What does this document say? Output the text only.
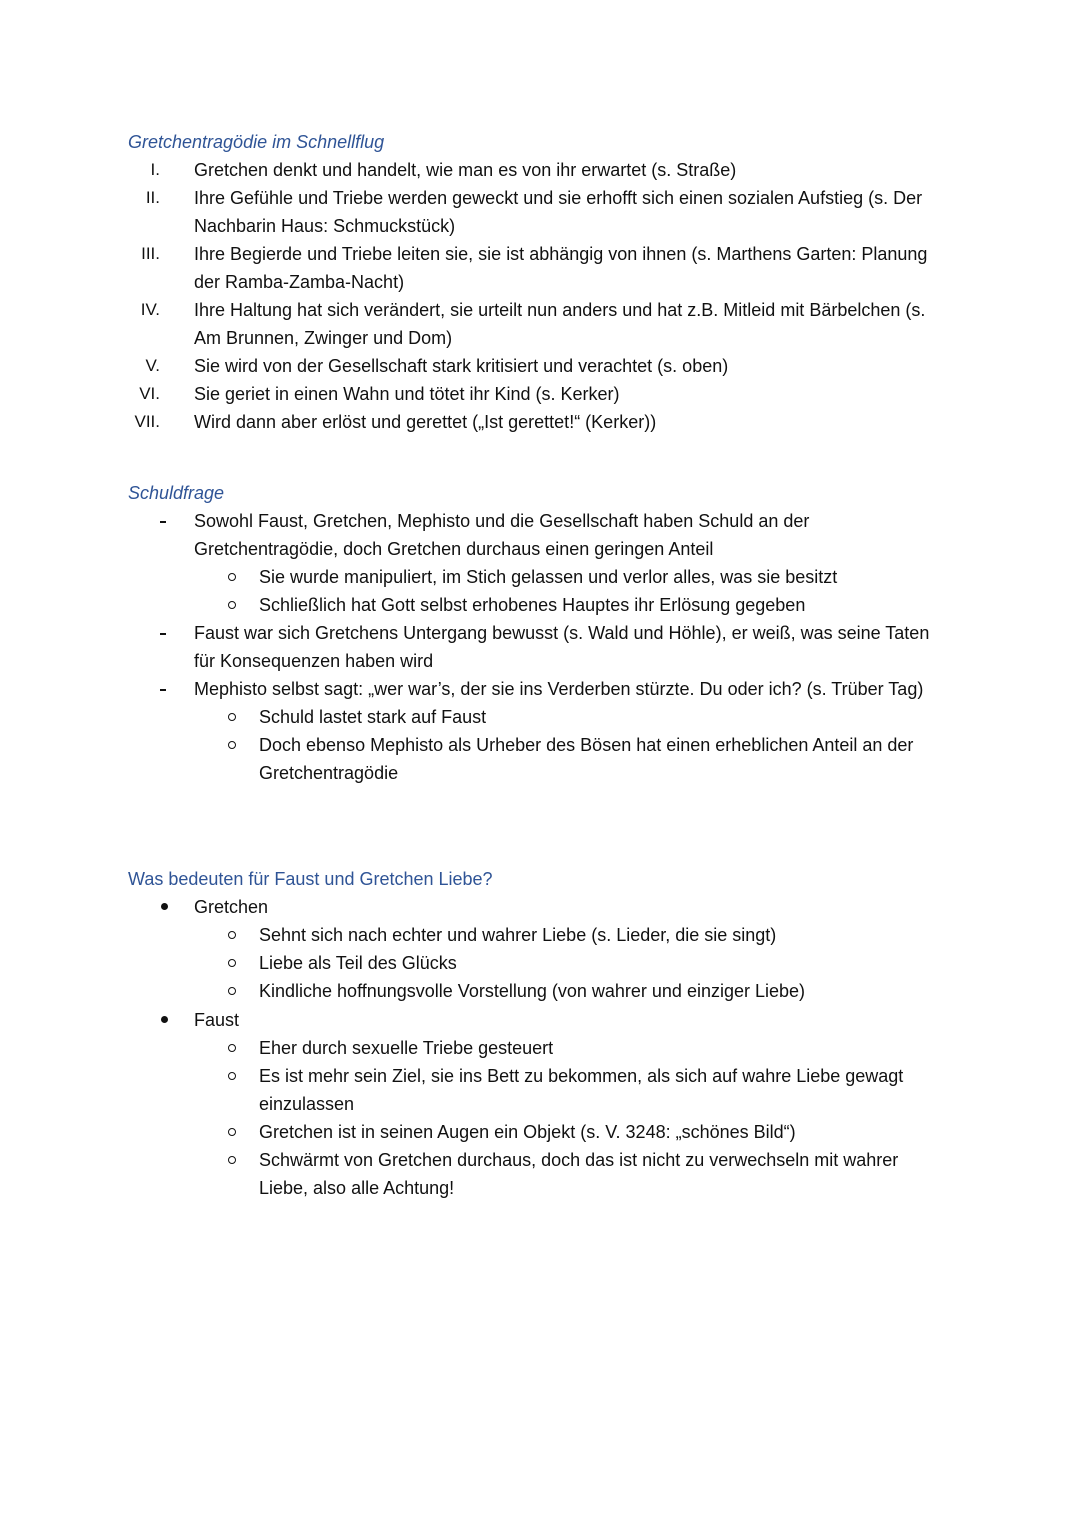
Gretchentragödie im Schnellflug
I. Gretchen denkt und handelt, wie man es von ihr erwartet (s. Straße)
II. Ihre Gefühle und Triebe werden geweckt und sie erhofft sich einen sozialen Aufstieg (s. Der
Nachbarin Haus: Schmuckstück)
III. Ihre Begierde und Triebe leiten sie, sie ist abhängig von ihnen (s. Marthens Garten: Planung
der Ramba-Zamba-Nacht)
IV. Ihre Haltung hat sich verändert, sie urteilt nun anders und hat z.B. Mitleid mit Bärbelchen (s.
Am Brunnen, Zwinger und Dom)
V. Sie wird von der Gesellschaft stark kritisiert und verachtet (s. oben)
VI. Sie geriet in einen Wahn und tötet ihr Kind (s. Kerker)
VII. Wird dann aber erlöst und gerettet („Ist gerettet!“ (Kerker))
Schuldfrage
Sowohl Faust, Gretchen, Mephisto und die Gesellschaft haben Schuld an der
Gretchentragödie, doch Gretchen durchaus einen geringen Anteil
Sie wurde manipuliert, im Stich gelassen und verlor alles, was sie besitzt
Schließlich hat Gott selbst erhobenes Hauptes ihr Erlösung gegeben
Faust war sich Gretchens Untergang bewusst (s. Wald und Höhle), er weiß, was seine Taten
für Konsequenzen haben wird
Mephisto selbst sagt: „wer war’s, der sie ins Verderben stürzte. Du oder ich? (s. Trüber Tag)
Schuld lastet stark auf Faust
Doch ebenso Mephisto als Urheber des Bösen hat einen erheblichen Anteil an der
Gretchentragödie
Was bedeuten für Faust und Gretchen Liebe?
Gretchen
Sehnt sich nach echter und wahrer Liebe (s. Lieder, die sie singt)
Liebe als Teil des Glücks
Kindliche hoffnungsvolle Vorstellung (von wahrer und einziger Liebe)
Faust
Eher durch sexuelle Triebe gesteuert
Es ist mehr sein Ziel, sie ins Bett zu bekommen, als sich auf wahre Liebe gewagt
einzulassen
Gretchen ist in seinen Augen ein Objekt (s. V. 3248: „schönes Bild“)
Schwärmt von Gretchen durchaus, doch das ist nicht zu verwechseln mit wahrer
Liebe, also alle Achtung!
